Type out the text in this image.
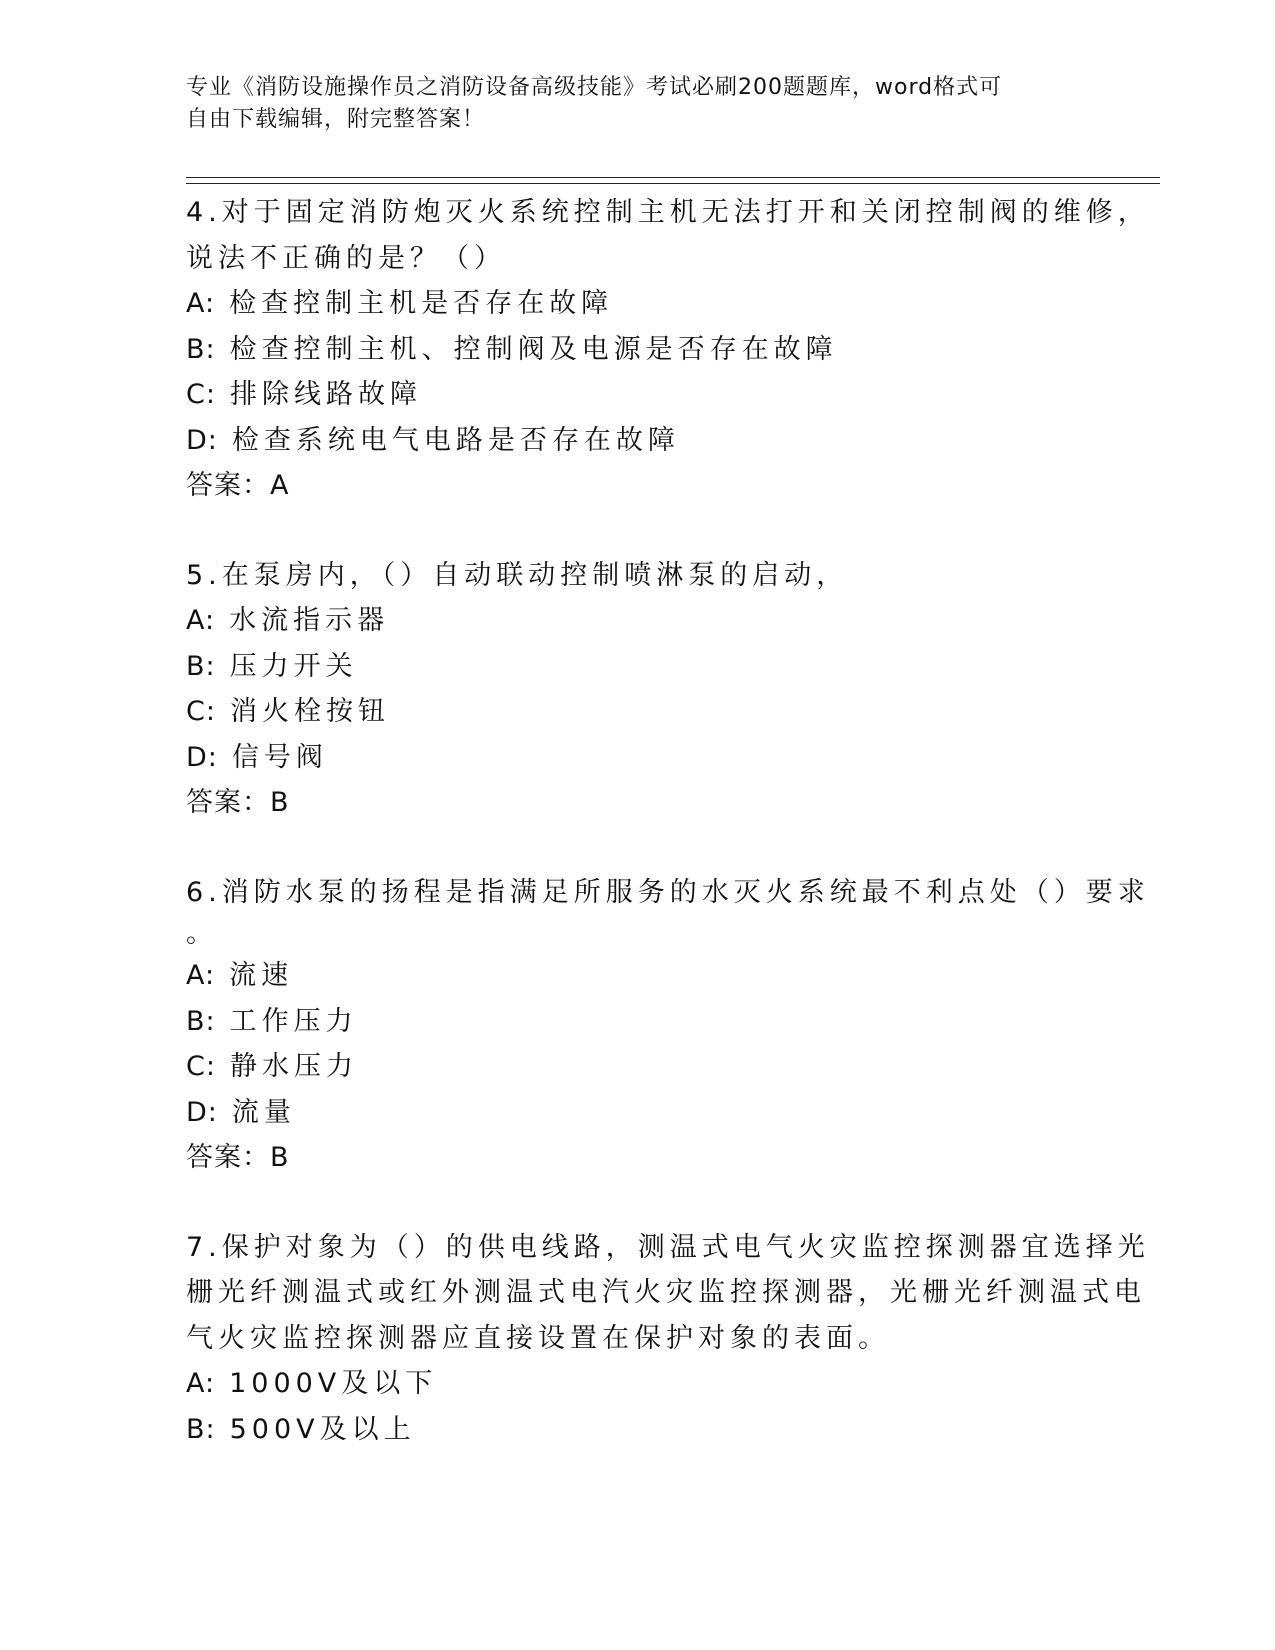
专业《消防设施操作员之消防设备高级技能》考试必刷200题题库，word格式可
自由下载编辑，附完整答案！
4.对于固定消防炮灭火系统控制主机无法打开和关闭控制阀的维修，
说法不正确的是？（）
A: 检查控制主机是否存在故障
B: 检查控制主机、控制阀及电源是否存在故障
C: 排除线路故障
D: 检查系统电气电路是否存在故障
答案：A
5.在泵房内，（）自动联动控制喷淋泵的启动，
A: 水流指示器
B: 压力开关
C: 消火栓按钮
D: 信号阀
答案：B
6.消防水泵的扬程是指满足所服务的水灭火系统最不利点处（）要求
。
A: 流速
B: 工作压力
C: 静水压力
D: 流量
答案：B
7.保护对象为（）的供电线路，测温式电气火灾监控探测器宜选择光
栅光纤测温式或红外测温式电汽火灾监控探测器，光栅光纤测温式电
气火灾监控探测器应直接设置在保护对象的表面。
A: 1000V及以下
B: 500V及以上
